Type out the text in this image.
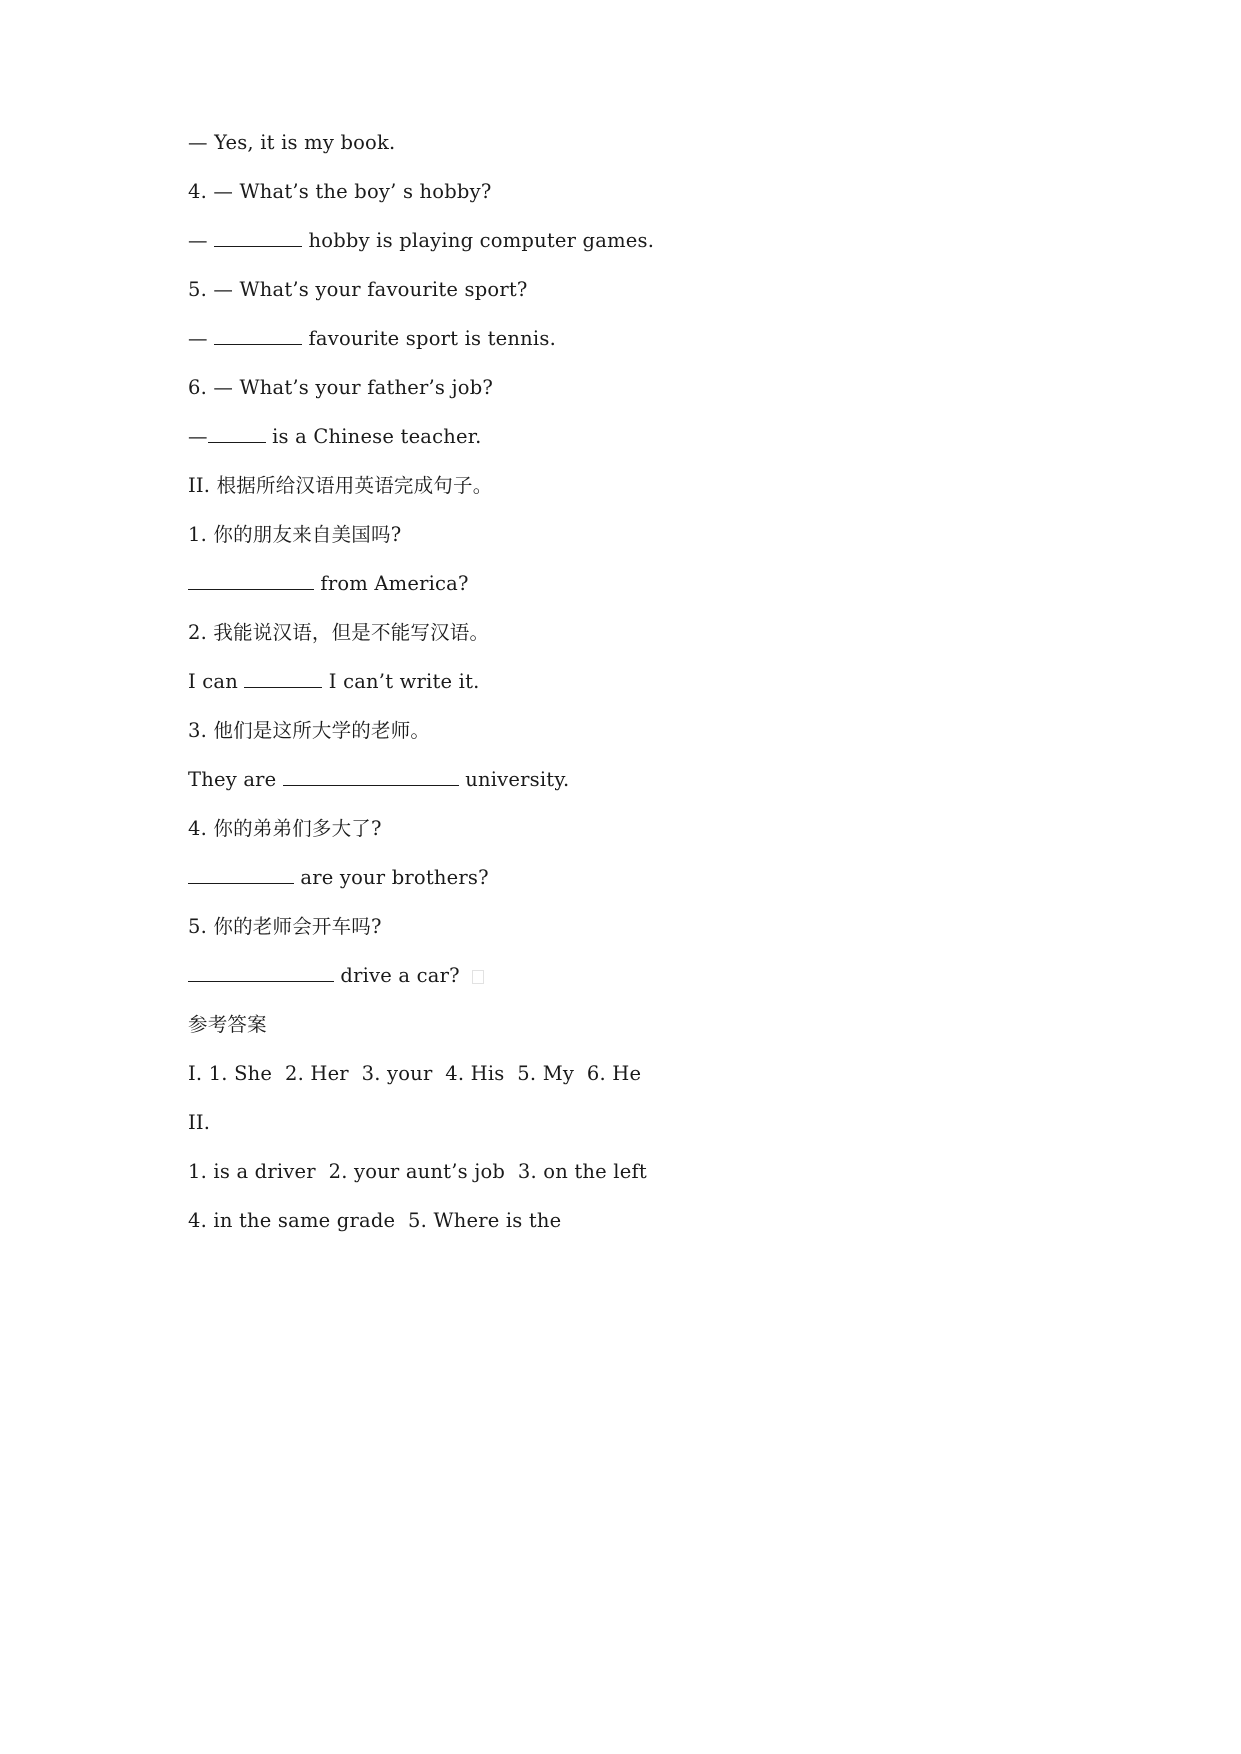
— Yes, it is my book.
4. — What’s the boy’ s hobby?
—	hobby is playing computer games.
5. — What’s your favourite sport?
—	favourite sport is tennis.
6. — What’s your father’s job?
—	is a Chinese teacher.
II. 根据所给汉语用英语完成句子。
1. 你的朋友来自美国吗?
from America?
2. 我能说汉语，但是不能写汉语。
I can	I can’t write it.
3. 他们是这所大学的老师。
They are	university.
4. 你的弟弟们多大了?
are your brothers?
5. 你的老师会开车吗?
drive a car?
参考答案
I. 1. She  2. Her  3. your  4. His  5. My  6. He
II.
1. is a driver  2. your aunt’s job  3. on the left
4. in the same grade  5. Where is the
